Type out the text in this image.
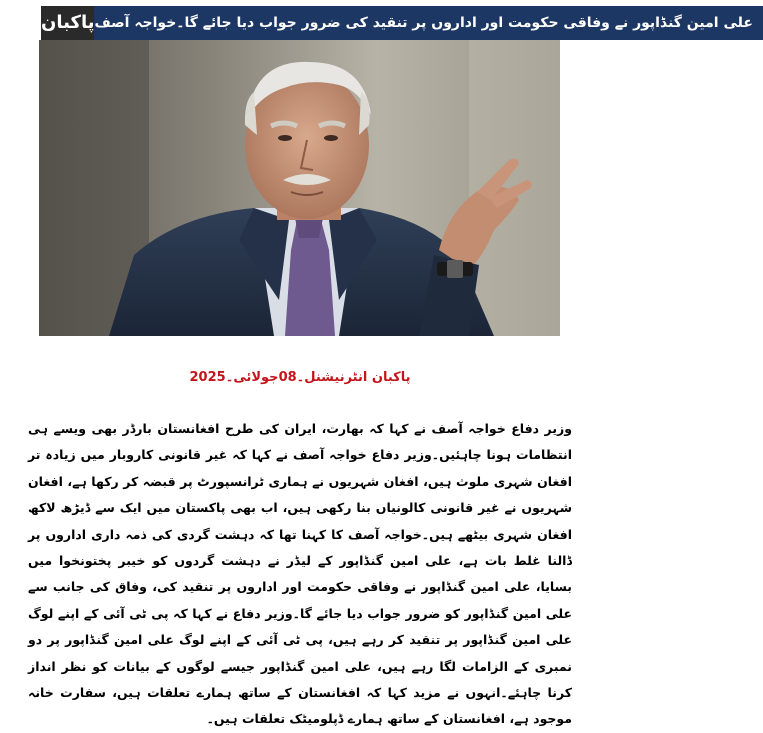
پاکبان علی امین گنڈاپور نے وفاقی حکومت اور اداروں پر تنقید کی ضرور جواب دیا جائے گا۔خواجہ آصف
پاکبان انٹرنیشنل۔08جولائی۔2025
وزیر دفاع خواجہ آصف نے کہا کہ بھارت، ایران کی طرح افغانستان بارڈر بھی ویسے ہی انتظامات ہونا چاہئیں۔وزیر دفاع خواجہ آصف نے کہا کہ غیر قانونی کاروبار میں زیادہ تر افغان شہری ملوث ہیں، افغان شہریوں نے ہماری ٹرانسپورٹ پر قبضہ کر رکھا ہے، افغان شہریوں نے غیر قانونی کالونیاں بنا رکھی ہیں، اب بھی پاکستان میں ایک سے ڈیڑھ لاکھ افغان شہری بیٹھے ہیں۔خواجہ آصف کا کہنا تھا کہ دہشت گردی کی ذمہ داری اداروں پر ڈالنا غلط بات ہے، علی امین گنڈاپور کے لیڈر نے دہشت گردوں کو خیبر پختونخوا میں بسایا، علی امین گنڈاپور نے وفاقی حکومت اور اداروں پر تنقید کی، وفاق کی جانب سے علی امین گنڈاپور کو ضرور جواب دیا جائے گا۔وزیر دفاع نے کہا کہ پی ٹی آئی کے اپنے لوگ علی امین گنڈاپور پر تنقید کر رہے ہیں، پی ٹی آئی کے اپنے لوگ علی امین گنڈاپور پر دو نمبری کے الزامات لگا رہے ہیں، علی امین گنڈاپور جیسے لوگوں کے بیانات کو نظر انداز کرنا چاہئے۔انہوں نے مزید کہا کہ افغانستان کے ساتھ ہمارے تعلقات ہیں، سفارت خانہ موجود ہے، افغانستان کے ساتھ ہمارے ڈپلومیٹک تعلقات ہیں۔
